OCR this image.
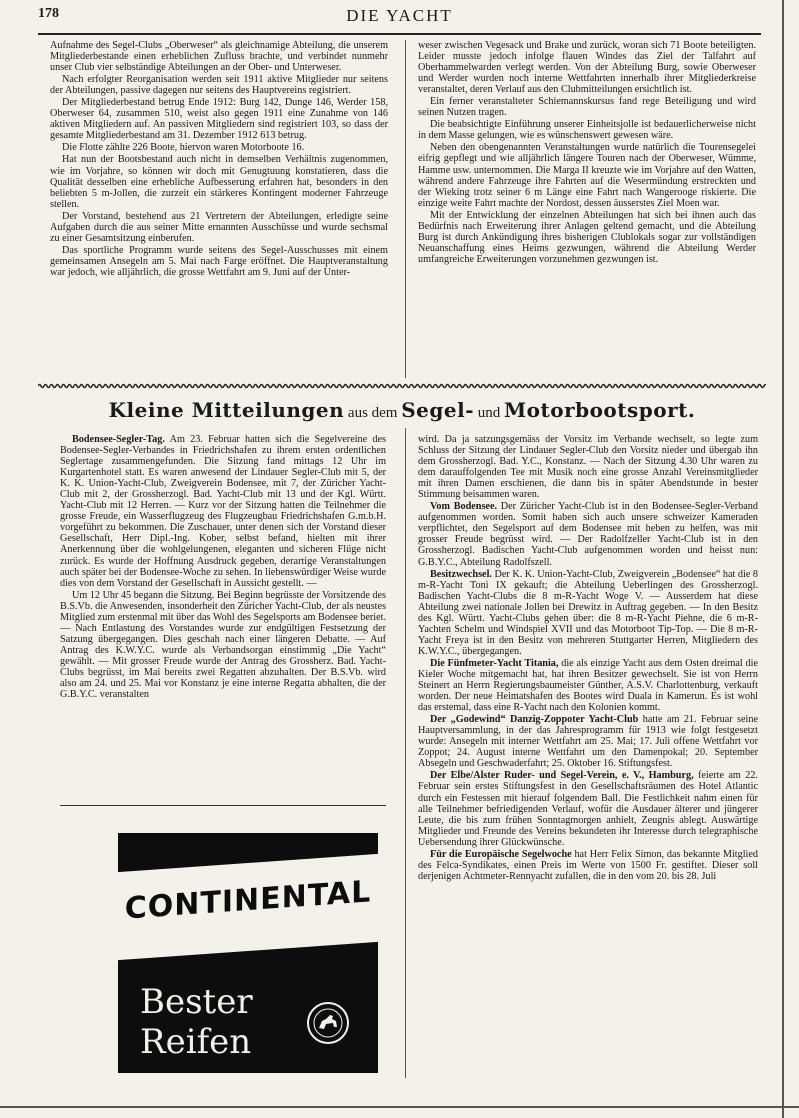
178	DIE YACHT

Aufnahme des Segel-Clubs „Oberweser“ als gleichnamige Abteilung, die unserem Mitgliederbestande einen erheblichen Zufluss brachte, und verbindet nunmehr unser Club vier selbständige Abteilungen an der Ober- und Unterweser.

Nach erfolgter Reorganisation werden seit 1911 aktive Mitglieder nur seitens der Abteilungen, passive dagegen nur seitens des Hauptvereins registriert.

Der Mitgliederbestand betrug Ende 1912: Burg 142, Dunge 146, Werder 158, Oberweser 64, zusammen 510, weist also gegen 1911 eine Zunahme von 146 aktiven Mitgliedern auf. An passiven Mitgliedern sind registriert 103, so dass der gesamte Mitgliederbestand am 31. Dezember 1912 613 betrug.

Die Flotte zählte 226 Boote, hiervon waren Motorboote 16.

Hat nun der Bootsbestand auch nicht in demselben Verhältnis zugenommen, wie im Vorjahre, so können wir doch mit Genugtuung konstatieren, dass die Qualität desselben eine erhebliche Aufbesserung erfahren hat, besonders in den beliebten 5 m-Jollen, die zurzeit ein stärkeres Kontingent moderner Fahrzeuge stellen.

Der Vorstand, bestehend aus 21 Vertretern der Abteilungen, erledigte seine Aufgaben durch die aus seiner Mitte ernannten Ausschüsse und wurde sechsmal zu einer Gesamtsitzung einberufen.

Das sportliche Programm wurde seitens des Segel-Ausschusses mit einem gemeinsamen Ansegeln am 5. Mai nach Farge eröffnet. Die Hauptveranstaltung war jedoch, wie alljährlich, die grosse Wettfahrt am 9. Juni auf der Unter-

weser zwischen Vegesack und Brake und zurück, woran sich 71 Boote beteiligten. Leider musste jedoch infolge flauen Windes das Ziel der Talfahrt auf Oberhammelwarden verlegt werden. Von der Abteilung Burg, sowie Oberweser und Werder wurden noch interne Wettfahrten innerhalb ihrer Mitgliederkreise veranstaltet, deren Verlauf aus den Clubmitteilungen ersichtlich ist.

Ein ferner veranstalteter Schiemannskursus fand rege Beteiligung und wird seinen Nutzen tragen.

Die beabsichtigte Einführung unserer Einheitsjolle ist bedauerlicherweise nicht in dem Masse gelungen, wie es wünschenswert gewesen wäre.

Neben den obengenannten Veranstaltungen wurde natürlich die Tourensegelei eifrig gepflegt und wie alljährlich längere Touren nach der Oberweser, Wümme, Hamme usw. unternommen. Die Marga II kreuzte wie im Vorjahre auf den Watten, während andere Fahrzeuge ihre Fahrten auf die Wesermündung erstreckten und der Wieking trotz seiner 6 m Länge eine Fahrt nach Wangerooge riskierte. Die einzige weite Fahrt machte der Nordost, dessen äusserstes Ziel Moen war.

Mit der Entwicklung der einzelnen Abteilungen hat sich bei ihnen auch das Bedürfnis nach Erweiterung ihrer Anlagen geltend gemacht, und die Abteilung Burg ist durch Ankündigung ihres bisherigen Clublokals sogar zur vollständigen Neuanschaffung eines Heims gezwungen, während die Abteilung Werder umfangreiche Erweiterungen vorzunehmen gezwungen ist.

Kleine Mitteilungen aus dem Segel- und Motorbootsport.

Bodensee-Segler-Tag. Am 23. Februar hatten sich die Segelvereine des Bodensee-Segler-Verbandes in Friedrichshafen zu ihrem ersten ordentlichen Seglertage zusammengefunden. Die Sitzung fand mittags 12 Uhr im Kurgartenhotel statt. Es waren anwesend der Lindauer Segler-Club mit 5, der K. K. Union-Yacht-Club, Zweigverein Bodensee, mit 7, der Züricher Yacht-Club mit 2, der Grossherzogl. Bad. Yacht-Club mit 13 und der Kgl. Württ. Yacht-Club mit 12 Herren. — Kurz vor der Sitzung hatten die Teilnehmer die grosse Freude, ein Wasserflugzeug des Flugzeugbau Friedrichshafen G.m.b.H. vorgeführt zu bekommen. Die Zuschauer, unter denen sich der Vorstand dieser Gesellschaft, Herr Dipl.-Ing. Kober, selbst befand, hielten mit ihrer Anerkennung über die wohlgelungenen, eleganten und sicheren Flüge nicht zurück. Es wurde der Hoffnung Ausdruck gegeben, derartige Veranstaltungen auch später bei der Bodensee-Woche zu sehen. In liebenswürdiger Weise wurde dies von dem Vorstand der Gesellschaft in Aussicht gestellt. —

Um 12 Uhr 45 begann die Sitzung. Bei Beginn begrüsste der Vorsitzende des B.S.Vb. die Anwesenden, insonderheit den Züricher Yacht-Club, der als neustes Mitglied zum erstenmal mit über das Wohl des Segelsports am Bodensee beriet. — Nach Entlastung des Vorstandes wurde zur endgültigen Festsetzung der Satzung übergegangen. Dies geschah nach einer längeren Debatte. — Auf Antrag des K.W.Y.C. wurde als Verbandsorgan einstimmig „Die Yacht“ gewählt. — Mit grosser Freude wurde der Antrag des Grossherz. Bad. Yacht-Clubs begrüsst, im Mai bereits zwei Regatten abzuhalten. Der B.S.Vb. wird also am 24. und 25. Mai vor Konstanz je eine interne Regatta abhalten, die der G.B.Y.C. veranstalten

CONTINENTAL
Bester
Reifen

wird. Da ja satzungsgemäss der Vorsitz im Verbande wechselt, so legte zum Schluss der Sitzung der Lindauer Segler-Club den Vorsitz nieder und übergab ihn dem Grossherzogl. Bad. Y.C., Konstanz. — Nach der Sitzung 4.30 Uhr waren zu dem darauffolgenden Tee mit Musik noch eine grosse Anzahl Vereinsmitglieder mit ihren Damen erschienen, die dann bis in später Abendstunde in bester Stimmung beisammen waren.

Vom Bodensee. Der Züricher Yacht-Club ist in den Bodensee-Segler-Verband aufgenommen worden. Somit haben sich auch unsere schweizer Kameraden verpflichtet, den Segelsport auf dem Bodensee mit heben zu helfen, was mit grosser Freude begrüsst wird. — Der Radolfzeller Yacht-Club ist in den Grossherzogl. Badischen Yacht-Club aufgenommen worden und heisst nun: G.B.Y.C., Abteilung Radolfszell.

Besitzwechsel. Der K. K. Union-Yacht-Club, Zweigverein „Bodensee“ hat die 8 m-R-Yacht Toni IX gekauft; die Abteilung Ueberlingen des Grossherzogl. Badischen Yacht-Clubs die 8 m-R-Yacht Woge V. — Ausserdem hat diese Abteilung zwei nationale Jollen bei Drewitz in Auftrag gegeben. — In den Besitz des Kgl. Württ. Yacht-Clubs gehen über: die 8 m-R-Yacht Piehne, die 6 m-R-Yachten Schelm und Windspiel XVII und das Motorboot Tip-Top. — Die 8 m-R-Yacht Freya ist in den Besitz von mehreren Stuttgarter Herren, Mitgliedern des K.W.Y.C., übergegangen.

Die Fünfmeter-Yacht Titania, die als einzige Yacht aus dem Osten dreimal die Kieler Woche mitgemacht hat, hat ihren Besitzer gewechselt. Sie ist von Herrn Steinert an Herrn Regierungsbaumeister Günther, A.S.V. Charlottenburg, verkauft worden. Der neue Heimatshafen des Bootes wird Duala in Kamerun. Es ist wohl das erstemal, dass eine R-Yacht nach den Kolonien kommt.

Der „Godewind“ Danzig-Zoppoter Yacht-Club hatte am 21. Februar seine Hauptversammlung, in der das Jahresprogramm für 1913 wie folgt festgesetzt wurde: Ansegeln mit interner Wettfahrt am 25. Mai; 17. Juli offene Wettfahrt vor Zoppot; 24. August interne Wettfahrt um den Damenpokal; 20. September Absegeln und Geschwaderfahrt; 25. Oktober 16. Stiftungsfest.

Der Elbe/Alster Ruder- und Segel-Verein, e. V., Hamburg, feierte am 22. Februar sein erstes Stiftungsfest in den Gesellschaftsräumen des Hotel Atlantic durch ein Festessen mit hierauf folgendem Ball. Die Festlichkeit nahm einen für alle Teilnehmer befriedigenden Verlauf, wofür die Ausdauer älterer und jüngerer Leute, die bis zum frühen Sonntagmorgen anhielt, Zeugnis ablegt. Auswärtige Mitglieder und Freunde des Vereins bekundeten ihr Interesse durch telegraphische Uebersendung ihrer Glückwünsche.

Für die Europäische Segelwoche hat Herr Felix Simon, das bekannte Mitglied des Felca-Syndikates, einen Preis im Werte von 1500 Fr. gestiftet. Dieser soll derjenigen Achtmeter-Rennyacht zufallen, die in den vom 20. bis 28. Juli
